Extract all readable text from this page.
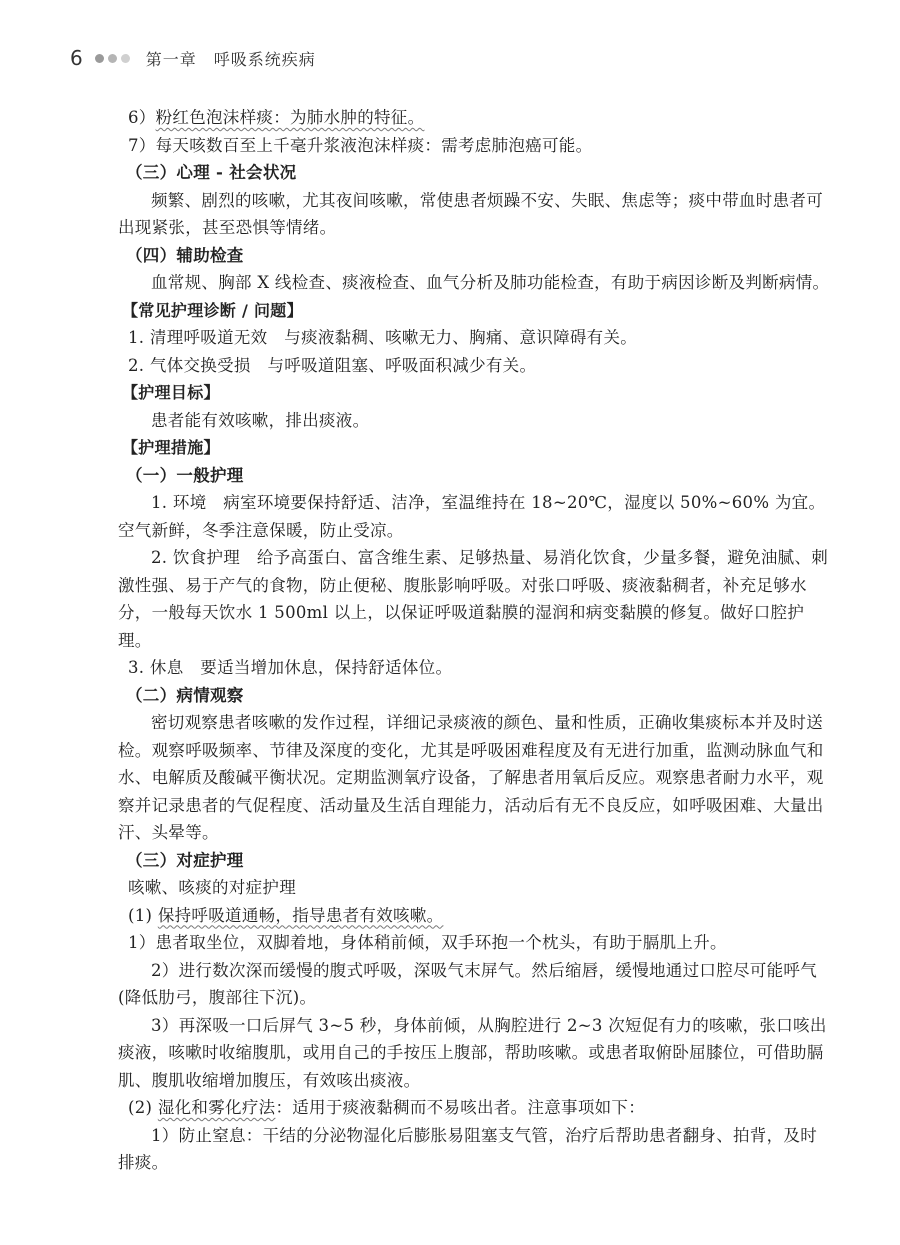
6	第一章　呼吸系统疾病

6）粉红色泡沫样痰：为肺水肿的特征。

7）每天咳数百至上千毫升浆液泡沫样痰：需考虑肺泡癌可能。

（三）心理 - 社会状况

频繁、剧烈的咳嗽，尤其夜间咳嗽，常使患者烦躁不安、失眠、焦虑等；痰中带血时患者可出现紧张，甚至恐惧等情绪。

（四）辅助检查

血常规、胸部 X 线检查、痰液检查、血气分析及肺功能检查，有助于病因诊断及判断病情。

【常见护理诊断 / 问题】

1. 清理呼吸道无效　与痰液黏稠、咳嗽无力、胸痛、意识障碍有关。

2. 气体交换受损　与呼吸道阻塞、呼吸面积减少有关。

【护理目标】

患者能有效咳嗽，排出痰液。

【护理措施】

（一）一般护理

1. 环境　病室环境要保持舒适、洁净，室温维持在 18~20℃，湿度以 50%~60% 为宜。空气新鲜，冬季注意保暖，防止受凉。

2. 饮食护理　给予高蛋白、富含维生素、足够热量、易消化饮食，少量多餐，避免油腻、刺激性强、易于产气的食物，防止便秘、腹胀影响呼吸。对张口呼吸、痰液黏稠者，补充足够水分，一般每天饮水 1 500ml 以上，以保证呼吸道黏膜的湿润和病变黏膜的修复。做好口腔护理。

3. 休息　要适当增加休息，保持舒适体位。

（二）病情观察

密切观察患者咳嗽的发作过程，详细记录痰液的颜色、量和性质，正确收集痰标本并及时送检。观察呼吸频率、节律及深度的变化，尤其是呼吸困难程度及有无进行加重，监测动脉血气和水、电解质及酸碱平衡状况。定期监测氧疗设备，了解患者用氧后反应。观察患者耐力水平，观察并记录患者的气促程度、活动量及生活自理能力，活动后有无不良反应，如呼吸困难、大量出汗、头晕等。

（三）对症护理

咳嗽、咳痰的对症护理

(1) 保持呼吸道通畅，指导患者有效咳嗽。

1）患者取坐位，双脚着地，身体稍前倾，双手环抱一个枕头，有助于膈肌上升。

2）进行数次深而缓慢的腹式呼吸，深吸气末屏气。然后缩唇，缓慢地通过口腔尽可能呼气(降低肋弓，腹部往下沉)。

3）再深吸一口后屏气 3~5 秒，身体前倾，从胸腔进行 2~3 次短促有力的咳嗽，张口咳出痰液，咳嗽时收缩腹肌，或用自己的手按压上腹部，帮助咳嗽。或患者取俯卧屈膝位，可借助膈肌、腹肌收缩增加腹压，有效咳出痰液。

(2) 湿化和雾化疗法：适用于痰液黏稠而不易咳出者。注意事项如下：

1）防止窒息：干结的分泌物湿化后膨胀易阻塞支气管，治疗后帮助患者翻身、拍背，及时排痰。
